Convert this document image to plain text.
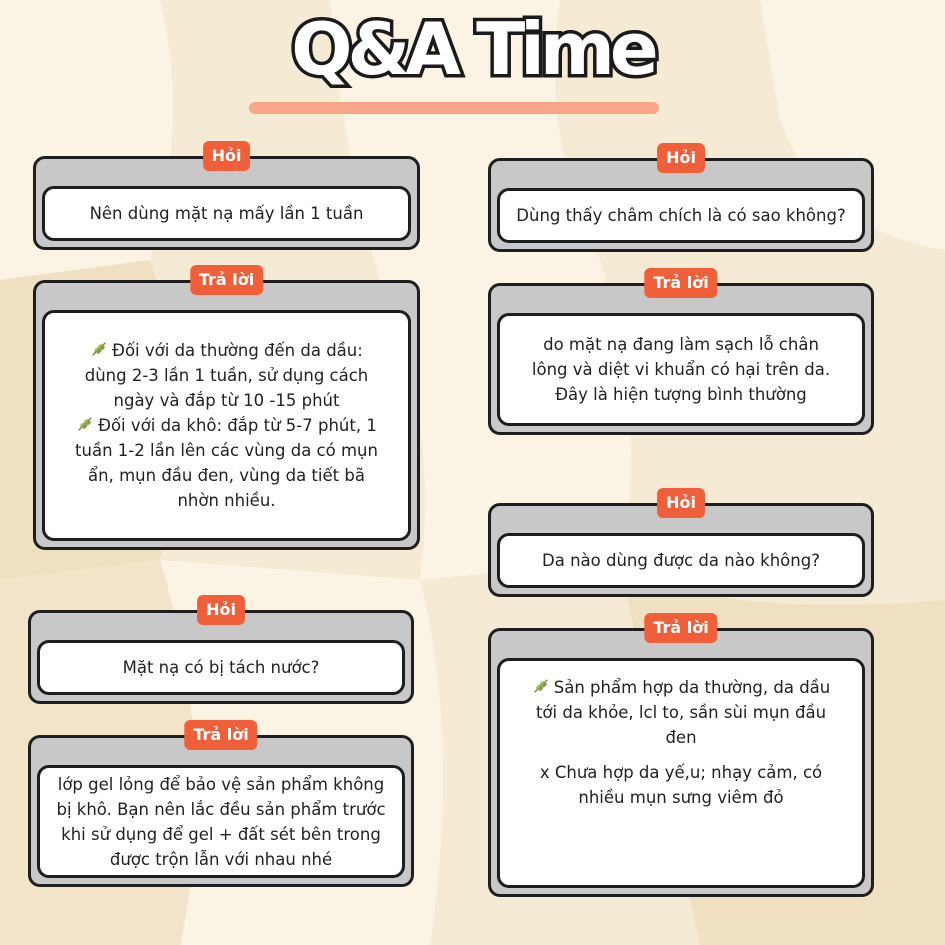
Q&A Time
Hỏi
Nên dùng mặt nạ mấy lần 1 tuần
Trả lời
Đối với da thường đến da dầu:
dùng 2-3 lần 1 tuần, sử dụng cách
ngày và đắp từ 10 -15 phút
Đối với da khô: đắp từ 5-7 phút, 1
tuần 1-2 lần lên các vùng da có mụn
ẩn, mụn đầu đen, vùng da tiết bã
nhờn nhiều.
Hỏi
Mặt nạ có bị tách nước?
Trả lời
lớp gel lỏng để bảo vệ sản phẩm không
bị khô. Bạn nên lắc đều sản phẩm trước
khi sử dụng để gel + đất sét bên trong
được trộn lẫn với nhau nhé
Hỏi
Dùng thấy châm chích là có sao không?
Trả lời
do mặt nạ đang làm sạch lỗ chân
lông và diệt vi khuẩn có hại trên da.
Đây là hiện tượng bình thường
Hỏi
Da nào dùng được da nào không?
Trả lời

Sản phẩm hợp da thường, da dầu
tới da khỏe, lcl to, sần sùi mụn đầu
đen

x Chưa hợp da yế,u; nhạy cảm, có
nhiều mụn sưng viêm đỏ
